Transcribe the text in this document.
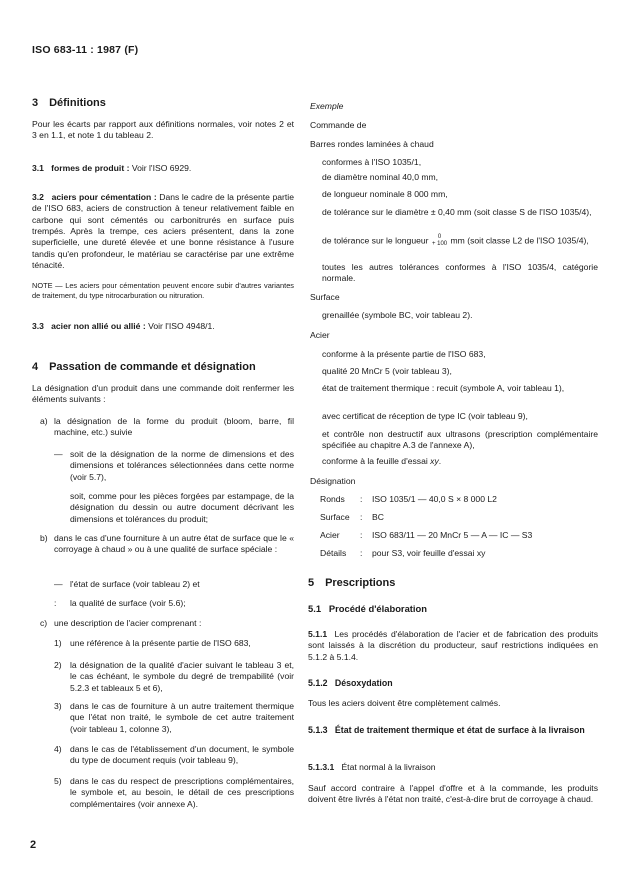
ISO 683-11 : 1987 (F)
3 Définitions

Pour les écarts par rapport aux définitions normales, voir notes 2 et 3 en 1.1, et note 1 du tableau 2.

3.1 formes de produit : Voir l'ISO 6929.

3.2 aciers pour cémentation : Dans le cadre de la présente partie de l'ISO 683, aciers de construction à teneur relativement faible en carbone qui sont cémentés ou carbonitrurés en surface puis trempés. Après la trempe, ces aciers présentent, dans la zone superficielle, une dureté élevée et une bonne résistance à l'usure tandis qu'en profondeur, le matériau se caractérise par une extrême ténacité.

NOTE — Les aciers pour cémentation peuvent encore subir d'autres variantes de traitement, du type nitrocarburation ou nitruration.

3.3 acier non allié ou allié : Voir l'ISO 4948/1.

4 Passation de commande et désignation

La désignation d'un produit dans une commande doit renfermer les éléments suivants :

a) la désignation de la forme du produit (bloom, barre, fil machine, etc.) suivie
— soit de la désignation de la norme de dimensions et des dimensions et tolérances sélectionnées dans cette norme (voir 5.7),
soit, comme pour les pièces forgées par estampage, de la désignation du dessin ou autre document décrivant les dimensions et tolérances du produit;
b) dans le cas d'une fourniture à un autre état de surface que le « corroyage à chaud » ou à une qualité de surface spéciale :
— l'état de surface (voir tableau 2) et
:	la qualité de surface (voir 5.6);
c) une description de l'acier comprenant :
1) une référence à la présente partie de l'ISO 683,
2) la désignation de la qualité d'acier suivant le tableau 3 et, le cas échéant, le symbole du degré de trempabilité (voir 5.2.3 et tableaux 5 et 6),
3) dans le cas de fourniture à un autre traitement thermique que l'état non traité, le symbole de cet autre traitement (voir tableau 1, colonne 3),
4) dans le cas de l'établissement d'un document, le symbole du type de document requis (voir tableau 9),
5) dans le cas du respect de prescriptions complémentaires, le symbole et, au besoin, le détail de ces prescriptions complémentaires (voir annexe A).
Exemple
Commande de
Barres rondes laminées à chaud
conformes à l'ISO 1035/1,
de diamètre nominal 40,0 mm,
de longueur nominale 8 000 mm,
de tolérance sur le diamètre ± 0,40 mm (soit classe S de l'ISO 1035/4),
de tolérance sur le longueur	0
+ 100 mm (soit classe L2 de l'ISO 1035/4),
toutes les autres tolérances conformes à l'ISO 1035/4, catégorie normale.
Surface
grenaillée (symbole BC, voir tableau 2).
Acier
conforme à la présente partie de l'ISO 683,
qualité 20 MnCr 5 (voir tableau 3),
état de traitement thermique : recuit (symbole A, voir tableau 1),
avec certificat de réception de type IC (voir tableau 9),
et contrôle non destructif aux ultrasons (prescription complémentaire spécifiée au chapitre A.3 de l'annexe A),
conforme à la feuille d'essai xy.
Désignation
Ronds	:	ISO 1035/1 — 40,0 S × 8 000 L2
Surface	:	BC
Acier	:	ISO 683/11 — 20 MnCr 5 — A — IC — S3
Détails	:	pour S3, voir feuille d'essai xy
5 Prescriptions
5.1 Procédé d'élaboration

5.1.1 Les procédés d'élaboration de l'acier et de fabrication des produits sont laissés à la discrétion du producteur, sauf restrictions indiquées en 5.1.2 à 5.1.4.

5.1.2 Désoxydation

Tous les aciers doivent être complètement calmés.

5.1.3 État de traitement thermique et état de surface à la livraison
5.1.3.1 État normal à la livraison

Sauf accord contraire à l'appel d'offre et à la commande, les produits doivent être livrés à l'état non traité, c'est-à-dire brut de corroyage à chaud.

2
